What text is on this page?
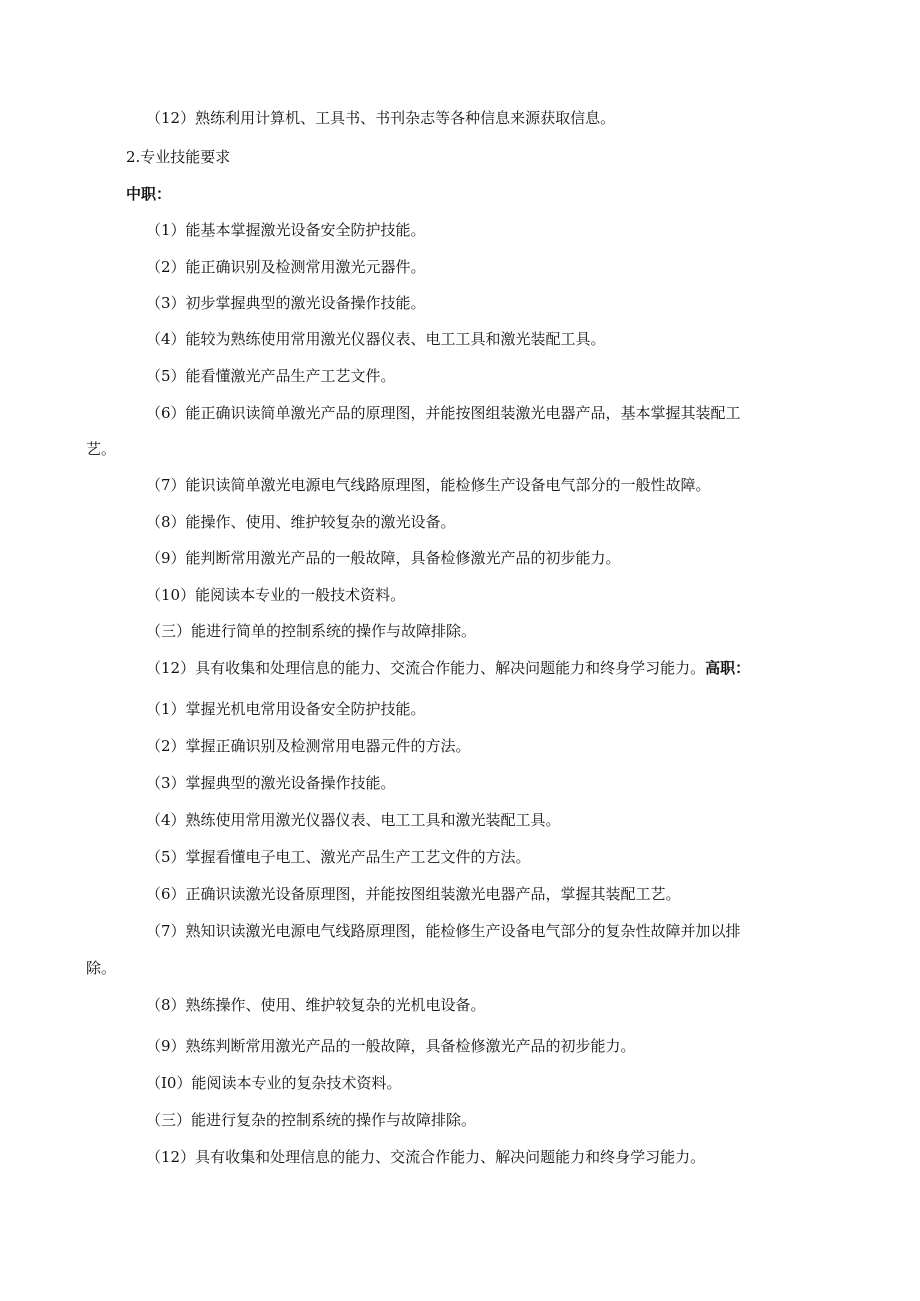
（12）熟练利用计算机、工具书、书刊杂志等各种信息来源获取信息。
2.专业技能要求
中职：
（1）能基本掌握激光设备安全防护技能。
（2）能正确识别及检测常用激光元器件。
（3）初步掌握典型的激光设备操作技能。
（4）能较为熟练使用常用激光仪器仪表、电工工具和激光装配工具。
（5）能看懂激光产品生产工艺文件。
（6）能正确识读简单激光产品的原理图，并能按图组装激光电器产品，基本掌握其装配工
艺。
（7）能识读简单激光电源电气线路原理图，能检修生产设备电气部分的一般性故障。
（8）能操作、使用、维护较复杂的激光设备。
（9）能判断常用激光产品的一般故障，具备检修激光产品的初步能力。
（10）能阅读本专业的一般技术资料。
（三）能进行简单的控制系统的操作与故障排除。
（12）具有收集和处理信息的能力、交流合作能力、解决问题能力和终身学习能力。高职：
（1）掌握光机电常用设备安全防护技能。
（2）掌握正确识别及检测常用电器元件的方法。
（3）掌握典型的激光设备操作技能。
（4）熟练使用常用激光仪器仪表、电工工具和激光装配工具。
（5）掌握看懂电子电工、激光产品生产工艺文件的方法。
（6）正确识读激光设备原理图，并能按图组装激光电器产品，掌握其装配工艺。
（7）熟知识读激光电源电气线路原理图，能检修生产设备电气部分的复杂性故障并加以排
除。
（8）熟练操作、使用、维护较复杂的光机电设备。
（9）熟练判断常用激光产品的一般故障，具备检修激光产品的初步能力。
（I0）能阅读本专业的复杂技术资料。
（三）能进行复杂的控制系统的操作与故障排除。
（12）具有收集和处理信息的能力、交流合作能力、解决问题能力和终身学习能力。
